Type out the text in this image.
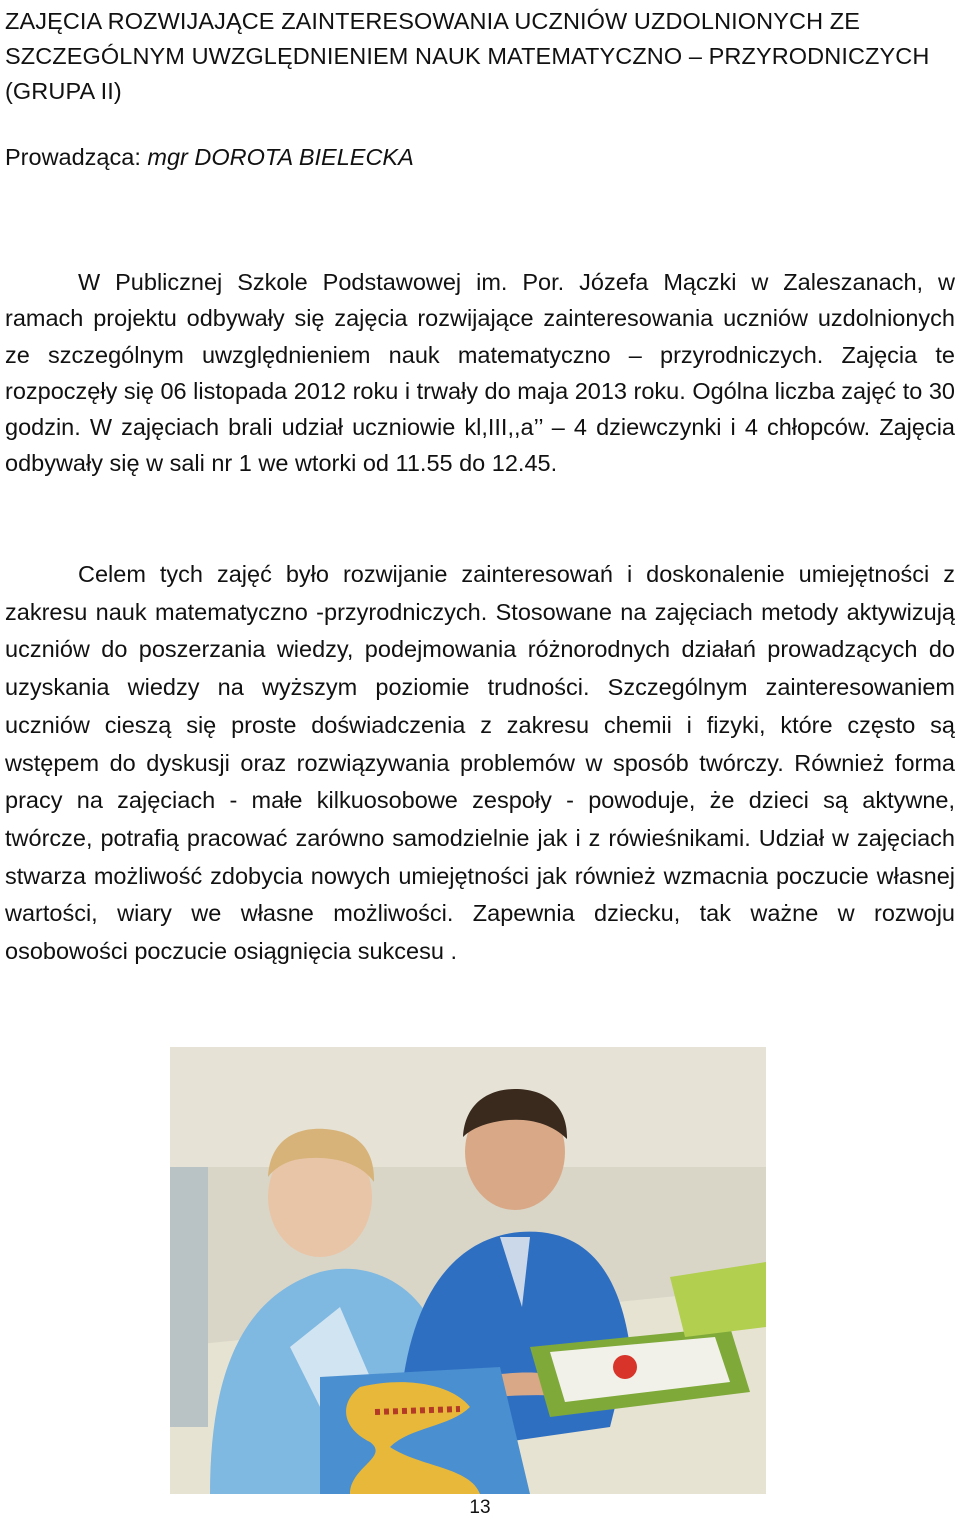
ZAJĘCIA ROZWIJAJĄCE ZAINTERESOWANIA UCZNIÓW UZDOLNIONYCH ZE SZCZEGÓLNYM UWZGLĘDNIENIEM NAUK MATEMATYCZNO – PRZYRODNICZYCH (GRUPA II)
Prowadząca: mgr DOROTA BIELECKA
W Publicznej Szkole Podstawowej im. Por. Józefa Mączki w Zaleszanach, w ramach projektu odbywały się zajęcia rozwijające zainteresowania uczniów uzdolnionych ze szczególnym uwzględnieniem nauk matematyczno – przyrodniczych. Zajęcia te rozpoczęły się 06 listopada 2012 roku i trwały do maja 2013 roku. Ogólna liczba zajęć to 30 godzin. W zajęciach brali udział uczniowie kl,III,,a’’ – 4 dziewczynki i 4 chłopców. Zajęcia odbywały się w sali nr 1 we wtorki od 11.55 do 12.45.
Celem tych zajęć było rozwijanie zainteresowań i doskonalenie umiejętności z zakresu nauk matematyczno -przyrodniczych. Stosowane na zajęciach metody aktywizują uczniów do poszerzania wiedzy, podejmowania różnorodnych działań prowadzących do uzyskania wiedzy na wyższym poziomie trudności. Szczególnym zainteresowaniem uczniów cieszą się proste doświadczenia z zakresu chemii i fizyki, które często są wstępem do dyskusji oraz rozwiązywania problemów w sposób twórczy. Również forma pracy na zajęciach - małe kilkuosobowe zespoły - powoduje, że dzieci są aktywne, twórcze, potrafią pracować zarówno samodzielnie jak i z rówieśnikami. Udział w zajęciach stwarza możliwość zdobycia nowych umiejętności jak również wzmacnia poczucie własnej wartości, wiary we własne możliwości. Zapewnia dziecku, tak ważne w rozwoju osobowości poczucie osiągnięcia sukcesu .
13
